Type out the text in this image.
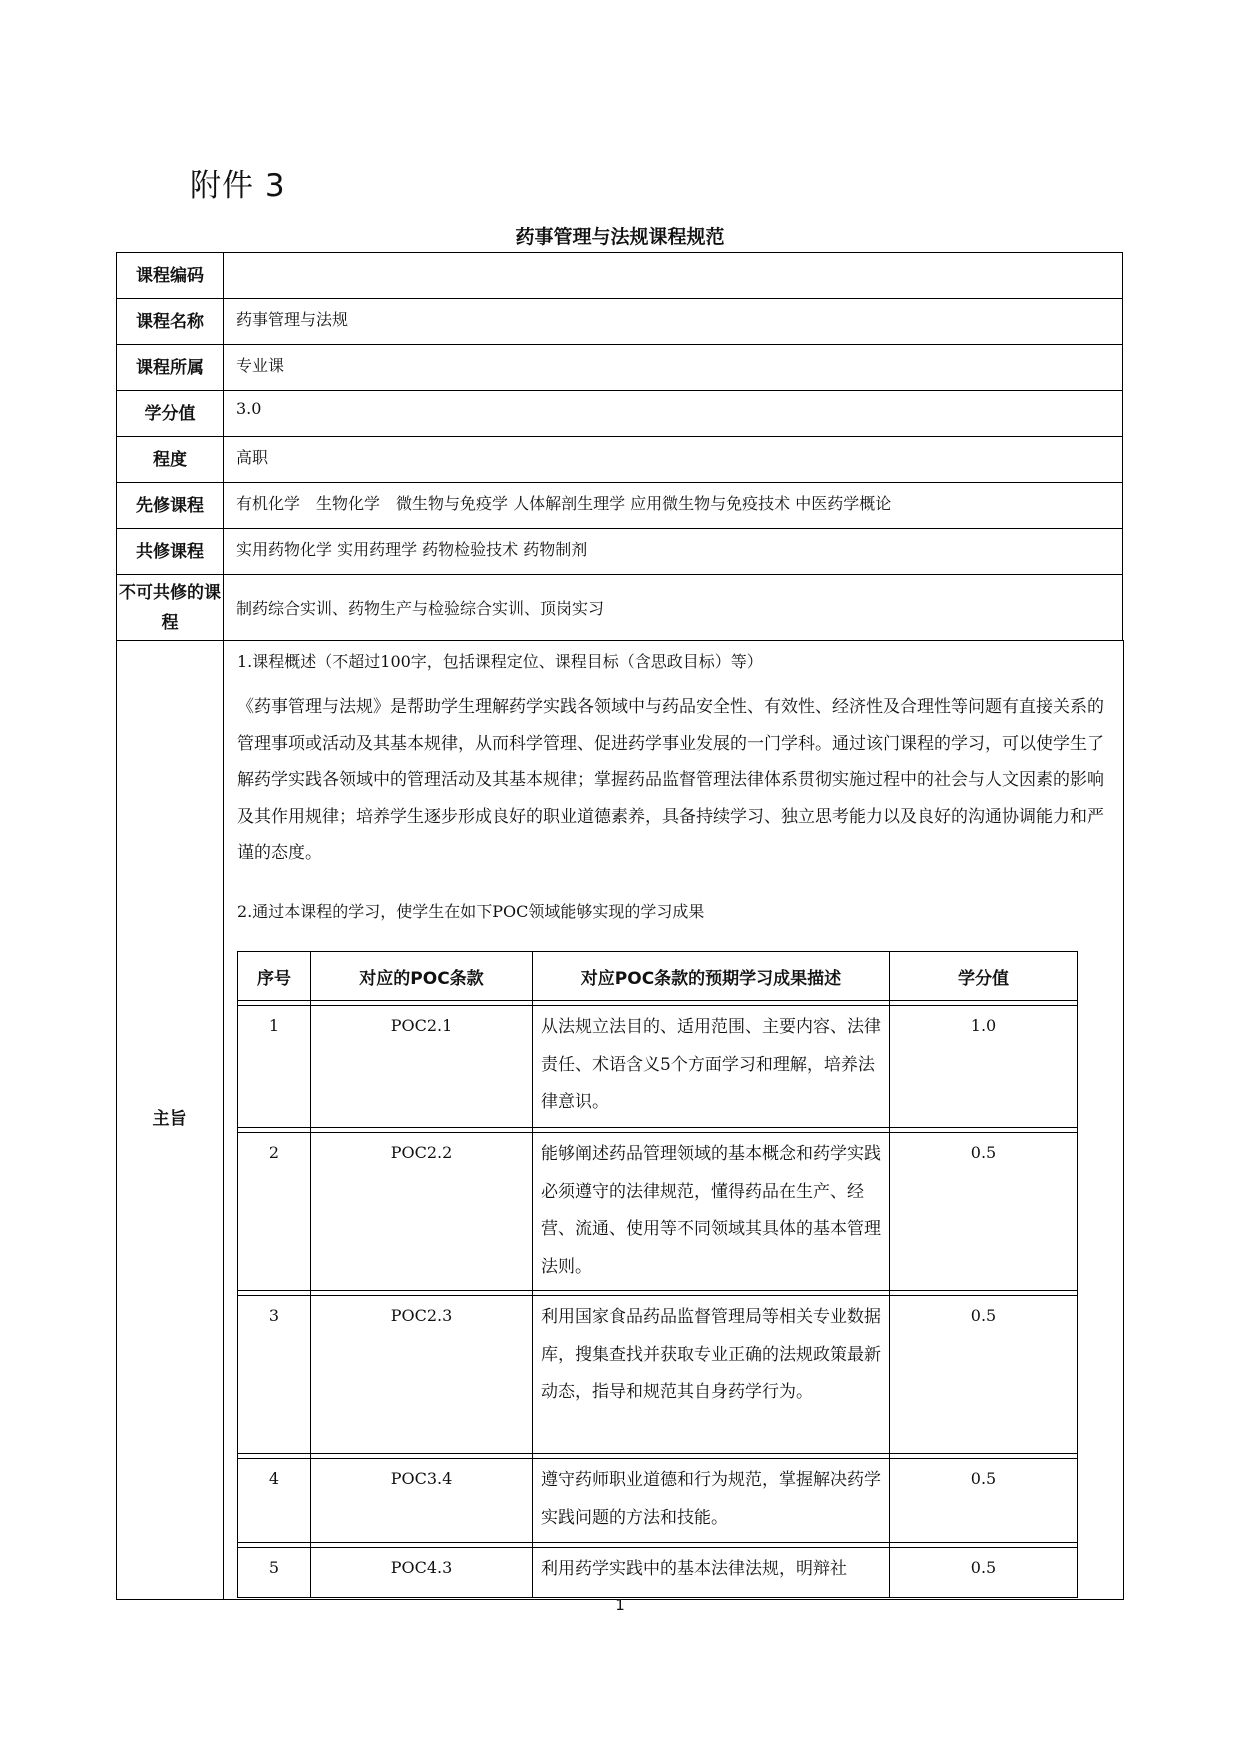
附件 3
药事管理与法规课程规范
课程编码	

课程名称	药事管理与法规

课程所属	专业课

学分值	3.0

程度	高职

先修课程	有机化学　生物化学　微生物与免疫学 人体解剖生理学 应用微生物与免疫技术 中医药学概论

共修课程	实用药物化学 实用药理学 药物检验技术 药物制剂

不可共修的课程	制药综合实训、药物生产与检验综合实训、顶岗实习
主旨
1.课程概述（不超过100字，包括课程定位、课程目标（含思政目标）等）
《药事管理与法规》是帮助学生理解药学实践各领域中与药品安全性、有效性、经济性及合理性等问题有直接关系的管理事项或活动及其基本规律，从而科学管理、促进药学事业发展的一门学科。通过该门课程的学习，可以使学生了解药学实践各领域中的管理活动及其基本规律；掌握药品监督管理法律体系贯彻实施过程中的社会与人文因素的影响及其作用规律；培养学生逐步形成良好的职业道德素养，具备持续学习、独立思考能力以及良好的沟通协调能力和严谨的态度。
2.通过本课程的学习，使学生在如下POC领域能够实现的学习成果
序号	对应的POC条款	对应POC条款的预期学习成果描述	学分值

1	POC2.1	从法规立法目的、适用范围、主要内容、法律责任、术语含义5个方面学习和理解，培养法律意识。	1.0

2	POC2.2	能够阐述药品管理领域的基本概念和药学实践必须遵守的法律规范，懂得药品在生产、经营、流通、使用等不同领域其具体的基本管理法则。	0.5

3	POC2.3	利用国家食品药品监督管理局等相关专业数据库，搜集查找并获取专业正确的法规政策最新动态，指导和规范其自身药学行为。	0.5

4	POC3.4	遵守药师职业道德和行为规范，掌握解决药学实践问题的方法和技能。	0.5

5	POC4.3	利用药学实践中的基本法律法规，明辩社	0.5
1
